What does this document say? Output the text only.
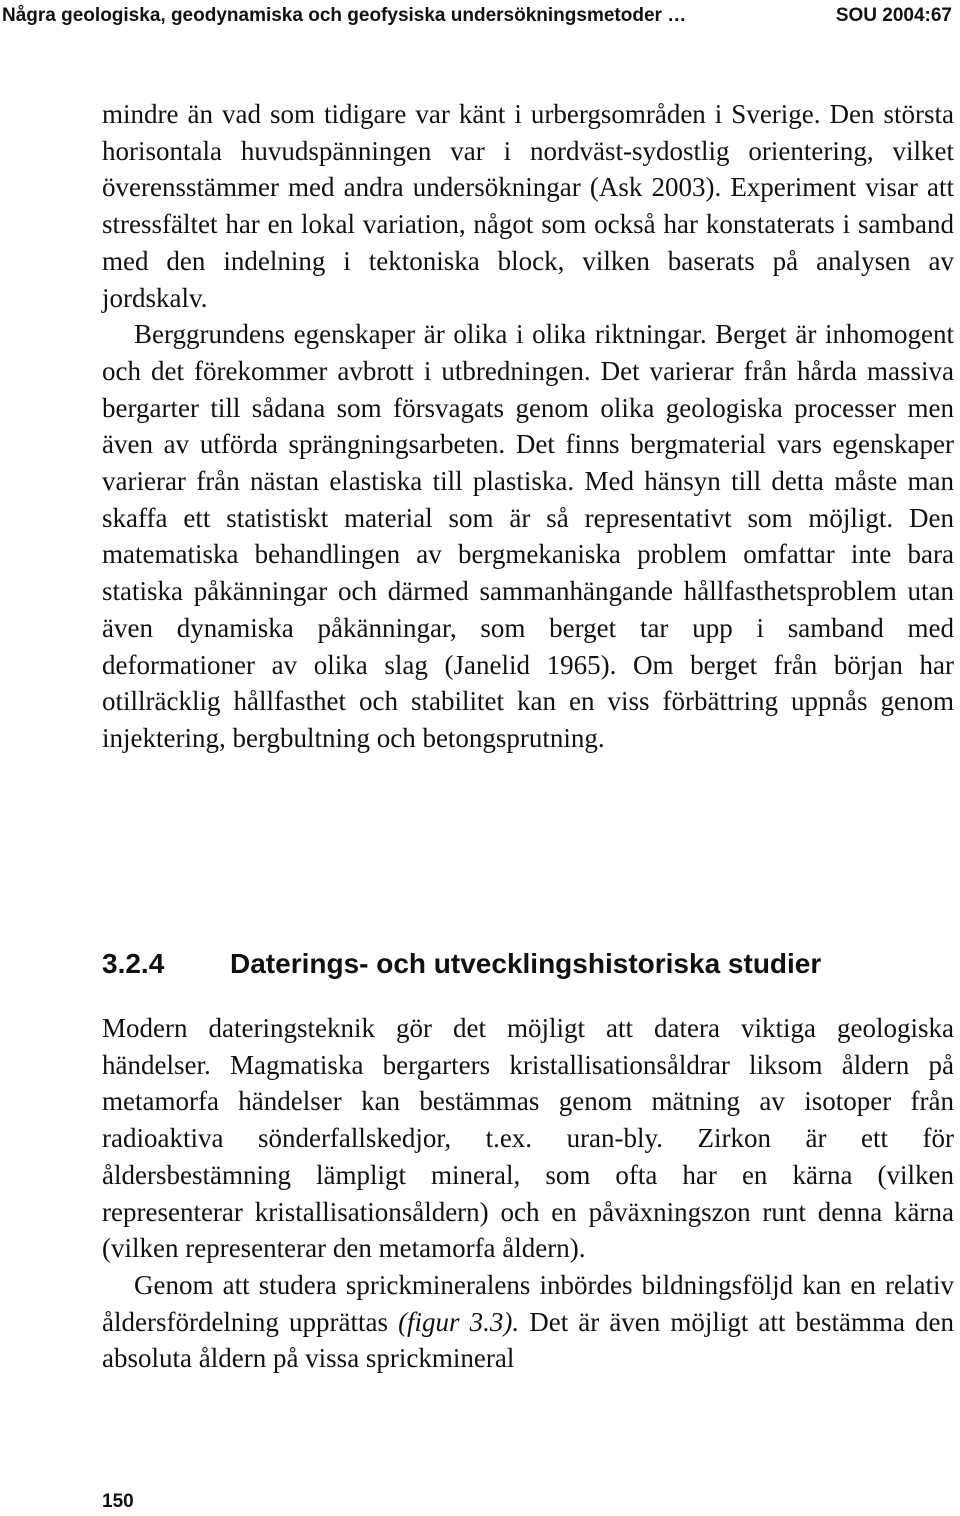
Några geologiska, geodynamiska och geofysiska undersökningsmetoder …	SOU 2004:67

mindre än vad som tidigare var känt i urbergsområden i Sverige. Den största horisontala huvudspänningen var i nordväst-sydostlig orientering, vilket överensstämmer med andra undersökningar (Ask 2003). Experiment visar att stressfältet har en lokal variation, något som också har konstaterats i samband med den indelning i tektoniska block, vilken baserats på analysen av jordskalv.

Berggrundens egenskaper är olika i olika riktningar. Berget är inhomogent och det förekommer avbrott i utbredningen. Det varierar från hårda massiva bergarter till sådana som försvagats genom olika geologiska processer men även av utförda sprängningsarbeten. Det finns bergmaterial vars egenskaper varierar från nästan elastiska till plastiska. Med hänsyn till detta måste man skaffa ett statistiskt material som är så representativt som möjligt. Den matematiska behandlingen av bergmekaniska problem omfattar inte bara statiska påkänningar och därmed sammanhängande hållfasthetsproblem utan även dynamiska påkänningar, som berget tar upp i samband med deformationer av olika slag (Janelid 1965). Om berget från början har otillräcklig hållfasthet och stabilitet kan en viss förbättring uppnås genom injektering, bergbultning och betongsprutning.

3.2.4 Daterings- och utvecklingshistoriska studier

Modern dateringsteknik gör det möjligt att datera viktiga geologiska händelser. Magmatiska bergarters kristallisationsåldrar liksom åldern på metamorfa händelser kan bestämmas genom mätning av isotoper från radioaktiva sönderfallskedjor, t.ex. uran-bly. Zirkon är ett för åldersbestämning lämpligt mineral, som ofta har en kärna (vilken representerar kristallisationsåldern) och en påväxningszon runt denna kärna (vilken representerar den metamorfa åldern).

Genom att studera sprickmineralens inbördes bildningsföljd kan en relativ åldersfördelning upprättas (figur 3.3). Det är även möjligt att bestämma den absoluta åldern på vissa sprickmineral

150
